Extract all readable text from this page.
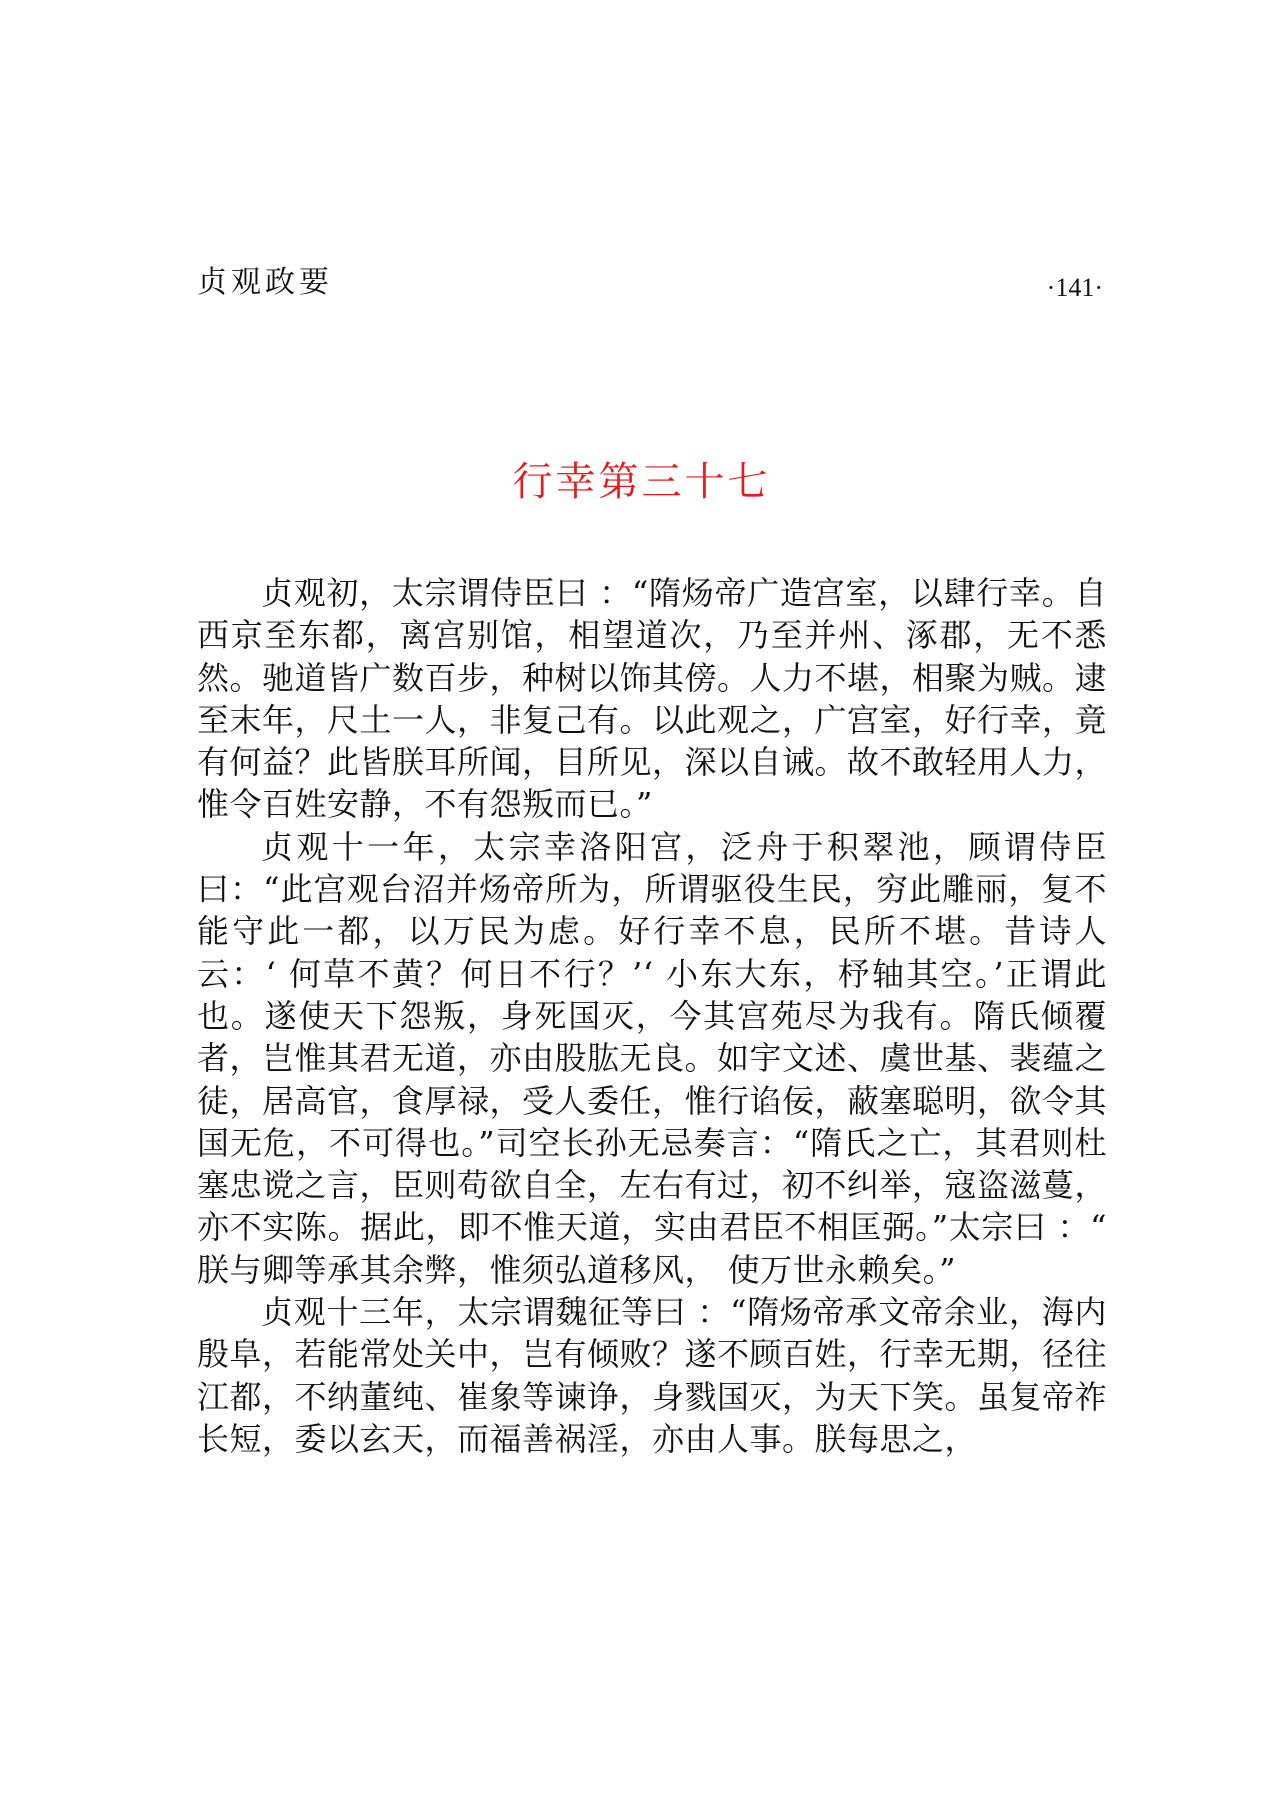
贞观政要	·141·
行幸第三十七

贞观初，太宗谓侍臣曰 ：“隋炀帝广造宫室，以肆行幸。自西京至东都，离宫别馆，相望道次，乃至并州、涿郡，无不悉然。驰道皆广数百步，种树以饰其傍。人力不堪，相聚为贼。逮至末年，尺土一人，非复己有。以此观之，广宫室，好行幸，竟有何益？此皆朕耳所闻，目所见，深以自诫。故不敢轻用人力，惟令百姓安静，不有怨叛而已。”

贞观十一年，太宗幸洛阳宫，泛舟于积翠池，顾谓侍臣曰：“此宫观台沼并炀帝所为，所谓驱役生民，穷此雕丽，复不能守此一都，以万民为虑。好行幸不息，民所不堪。昔诗人云：‘ 何草不黄？何日不行？’‘ 小东大东，杼轴其空。’正谓此也。遂使天下怨叛，身死国灭，今其宫苑尽为我有。隋氏倾覆者，岂惟其君无道，亦由股肱无良。如宇文述、虞世基、裴蕴之徒，居高官，食厚禄，受人委任，惟行谄佞，蔽塞聪明，欲令其国无危，不可得也。”司空长孙无忌奏言：“隋氏之亡，其君则杜塞忠谠之言，臣则苟欲自全，左右有过，初不纠举，寇盗滋蔓，亦不实陈。据此，即不惟天道，实由君臣不相匡弼。”太宗曰 ：“ 朕与卿等承其余弊，惟须弘道移风， 使万世永赖矣。”

贞观十三年，太宗谓魏征等曰 ：“隋炀帝承文帝余业，海内殷阜，若能常处关中，岂有倾败？遂不顾百姓，行幸无期，径往江都，不纳董纯、崔象等谏诤，身戮国灭，为天下笑。虽复帝祚长短，委以玄天，而福善祸淫，亦由人事。朕每思之，
